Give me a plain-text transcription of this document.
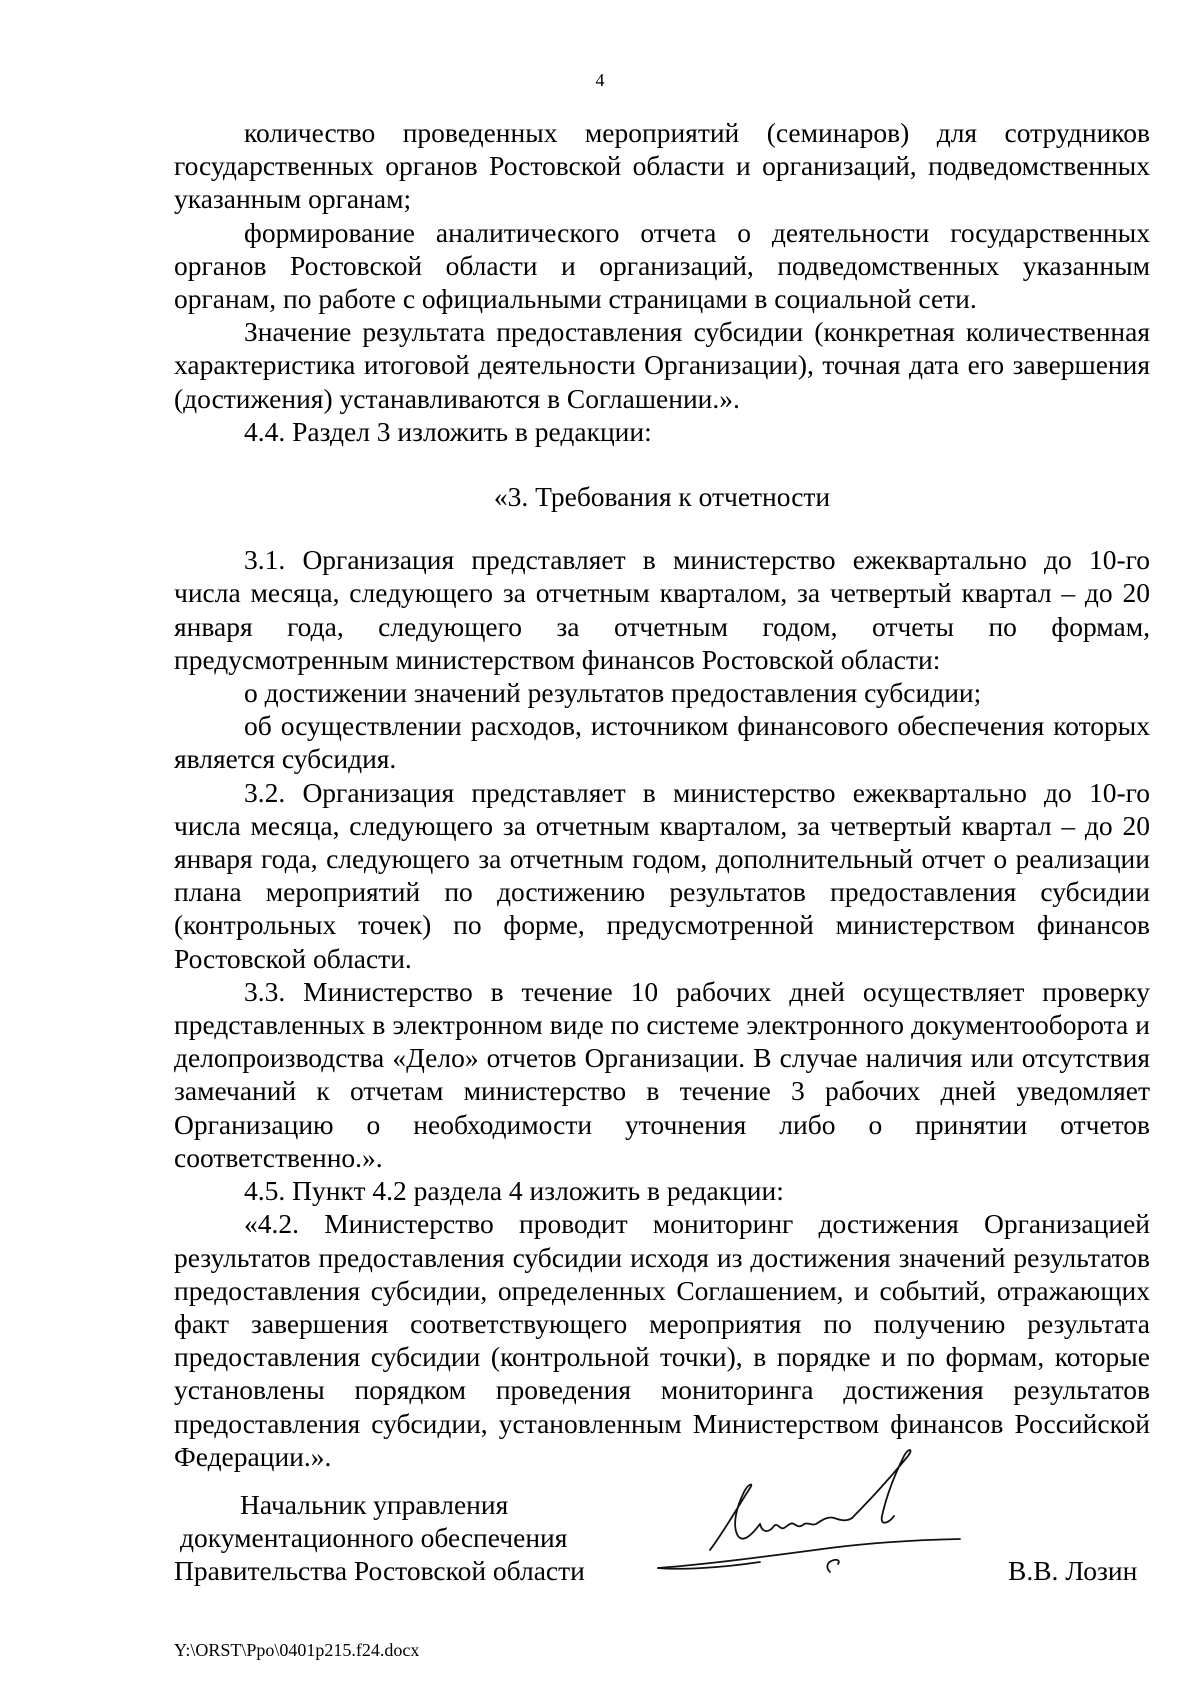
4

количество проведенных мероприятий (семинаров) для сотрудников государственных органов Ростовской области и организаций, подведомственных указанным органам;

формирование аналитического отчета о деятельности государственных органов Ростовской области и организаций, подведомственных указанным органам, по работе с официальными страницами в социальной сети.

Значение результата предоставления субсидии (конкретная количественная характеристика итоговой деятельности Организации), точная дата его завершения (достижения) устанавливаются в Соглашении.».

4.4. Раздел 3 изложить в редакции:

«3. Требования к отчетности

3.1. Организация представляет в министерство ежеквартально до 10-го числа месяца, следующего за отчетным кварталом, за четвертый квартал – до 20 января года, следующего за отчетным годом, отчеты по формам, предусмотренным министерством финансов Ростовской области:

о достижении значений результатов предоставления субсидии;

об осуществлении расходов, источником финансового обеспечения которых является субсидия.

3.2. Организация представляет в министерство ежеквартально до 10-го числа месяца, следующего за отчетным кварталом, за четвертый квартал – до 20 января года, следующего за отчетным годом, дополнительный отчет о реализации плана мероприятий по достижению результатов предоставления субсидии (контрольных точек) по форме, предусмотренной министерством финансов Ростовской области.

3.3. Министерство в течение 10 рабочих дней осуществляет проверку представленных в электронном виде по системе электронного документооборота и делопроизводства «Дело» отчетов Организации. В случае наличия или отсутствия замечаний к отчетам министерство в течение 3 рабочих дней уведомляет Организацию о необходимости уточнения либо о принятии отчетов соответственно.».

4.5. Пункт 4.2 раздела 4 изложить в редакции:

«4.2. Министерство проводит мониторинг достижения Организацией результатов предоставления субсидии исходя из достижения значений результатов предоставления субсидии, определенных Соглашением, и событий, отражающих факт завершения соответствующего мероприятия по получению результата предоставления субсидии (контрольной точки), в порядке и по формам, которые установлены порядком проведения мониторинга достижения результатов предоставления субсидии, установленным Министерством финансов Российской Федерации.».

Начальник управления
документационного обеспечения
Правительства Ростовской области	В.В. Лозин
Y:\ORST\Ppo\0401p215.f24.docx
